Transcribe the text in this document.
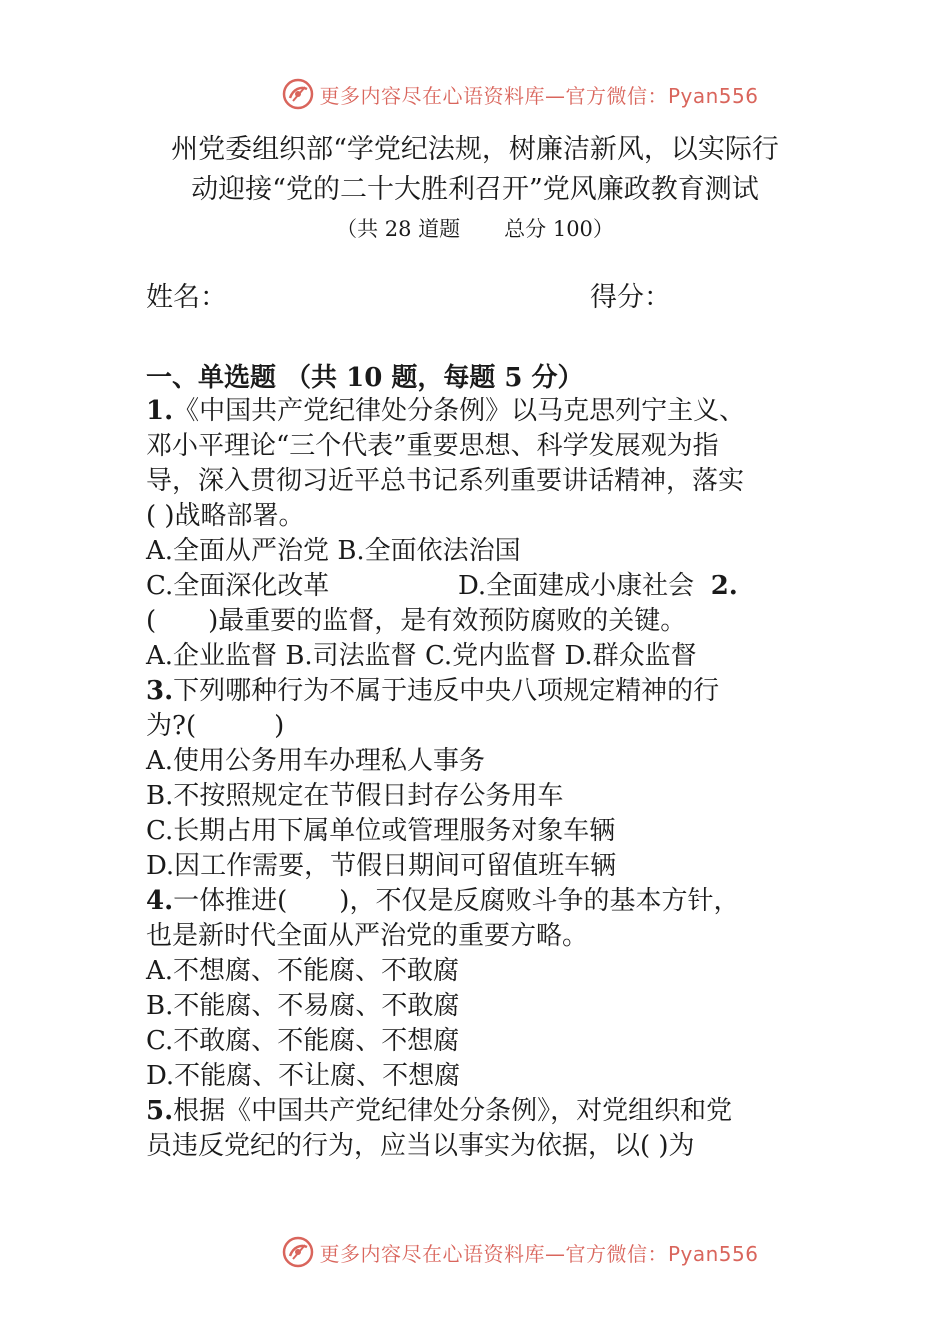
更多内容尽在心语资料库—官方微信：Pyan556
州党委组织部“学党纪法规，树廉洁新风，以实际行
动迎接“党的二十大胜利召开”党风廉政教育测试
（共 28 道题 总分 100）
姓名：	得分：
一、单选题 （共 10 题，每题 5 分）

1.《中国共产党纪律处分条例》以马克思列宁主义、

邓小平理论“三个代表”重要思想、科学发展观为指

导，深入贯彻习近平总书记系列重要讲话精神，落实

( )战略部署。

A.全面从严治党 B.全面依法治国

C.全面深化改革	D.全面建成小康社会 2.

(　　)最重要的监督，是有效预防腐败的关键。

A.企业监督 B.司法监督 C.党内监督 D.群众监督

3.下列哪种行为不属于违反中央八项规定精神的行

为?(　　　)

A.使用公务用车办理私人事务

B.不按照规定在节假日封存公务用车

C.长期占用下属单位或管理服务对象车辆

D.因工作需要，节假日期间可留值班车辆

4.一体推进(　　)，不仅是反腐败斗争的基本方针，

也是新时代全面从严治党的重要方略。

A.不想腐、不能腐、不敢腐

B.不能腐、不易腐、不敢腐

C.不敢腐、不能腐、不想腐

D.不能腐、不让腐、不想腐

5.根据《中国共产党纪律处分条例》，对党组织和党

员违反党纪的行为，应当以事实为依据，以( )为

更多内容尽在心语资料库—官方微信：Pyan556
